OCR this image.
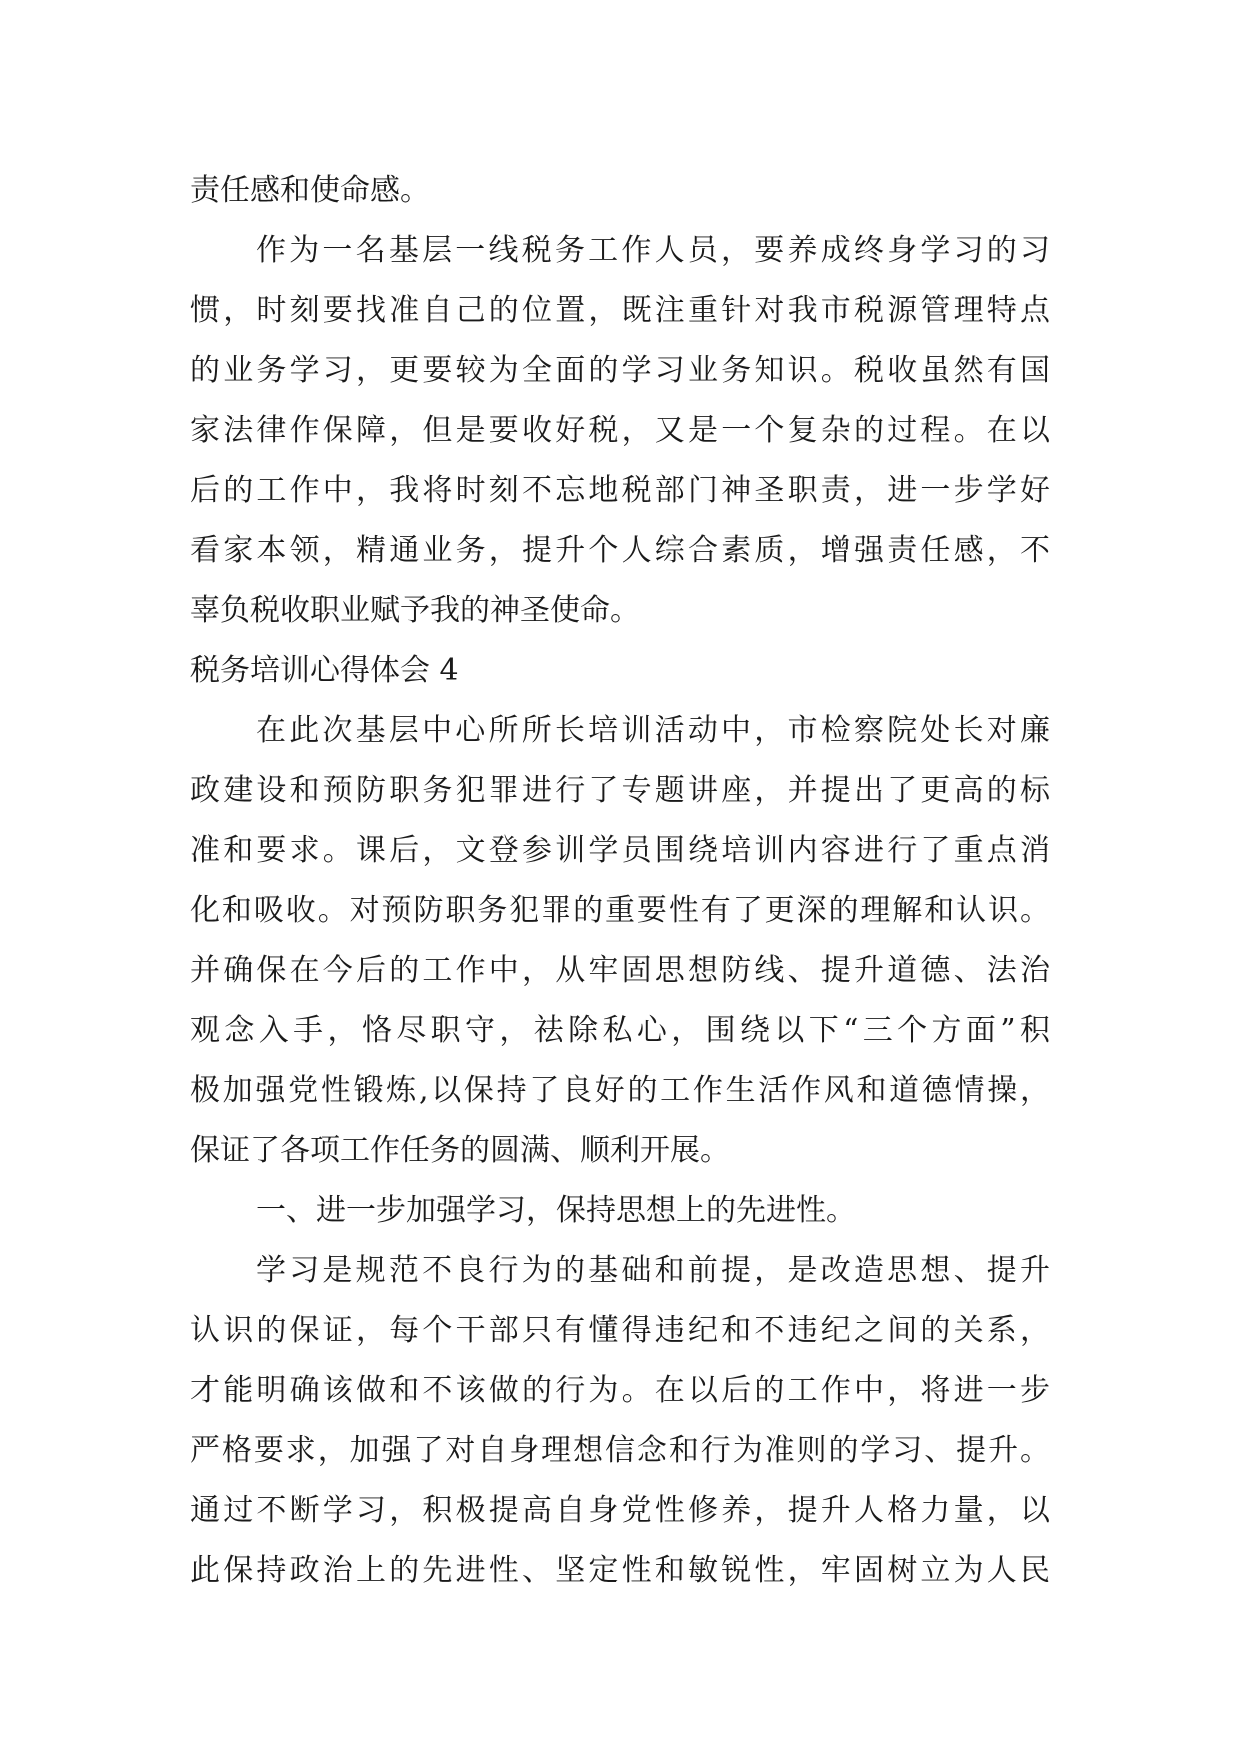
责任感和使命感。
作为一名基层一线税务工作人员，要养成终身学习的习
惯，时刻要找准自己的位置，既注重针对我市税源管理特点
的业务学习，更要较为全面的学习业务知识。税收虽然有国
家法律作保障，但是要收好税，又是一个复杂的过程。在以
后的工作中，我将时刻不忘地税部门神圣职责，进一步学好
看家本领，精通业务，提升个人综合素质，增强责任感，不
辜负税收职业赋予我的神圣使命。
税务培训心得体会 4
在此次基层中心所所长培训活动中，市检察院处长对廉
政建设和预防职务犯罪进行了专题讲座，并提出了更高的标
准和要求。课后，文登参训学员围绕培训内容进行了重点消
化和吸收。对预防职务犯罪的重要性有了更深的理解和认识。
并确保在今后的工作中，从牢固思想防线、提升道德、法治
观念入手，恪尽职守，祛除私心，围绕以下“三个方面”积
极加强党性锻炼,以保持了良好的工作生活作风和道德情操，
保证了各项工作任务的圆满、顺利开展。
一、进一步加强学习，保持思想上的先进性。
学习是规范不良行为的基础和前提，是改造思想、提升
认识的保证，每个干部只有懂得违纪和不违纪之间的关系，
才能明确该做和不该做的行为。在以后的工作中，将进一步
严格要求，加强了对自身理想信念和行为准则的学习、提升。
通过不断学习，积极提高自身党性修养，提升人格力量，以
此保持政治上的先进性、坚定性和敏锐性，牢固树立为人民
